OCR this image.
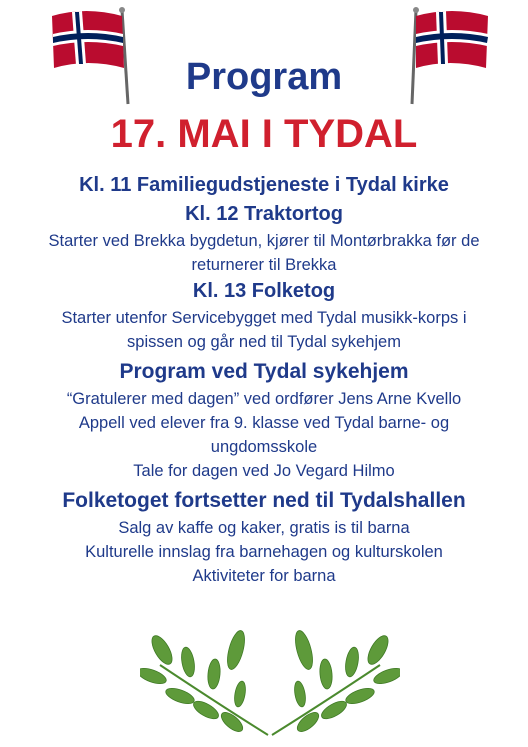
Program
17. MAI I TYDAL
Kl. 11 Familiegudstjeneste i Tydal kirke
Kl. 12 Traktortog
Starter ved Brekka bygdetun, kjører til Montørbrakka før de
returnerer til Brekka
Kl. 13 Folketog
Starter utenfor Servicebygget med Tydal musikk-korps i
spissen og går ned til Tydal sykehjem
Program ved Tydal sykehjem
“Gratulerer med dagen” ved ordfører Jens Arne Kvello
Appell ved elever fra 9. klasse ved Tydal barne- og
ungdomsskole
Tale for dagen ved Jo Vegard Hilmo
Folketoget fortsetter ned til Tydalshallen
Salg av kaffe og kaker, gratis is til barna
Kulturelle innslag fra barnehagen og kulturskolen
Aktiviteter for barna
